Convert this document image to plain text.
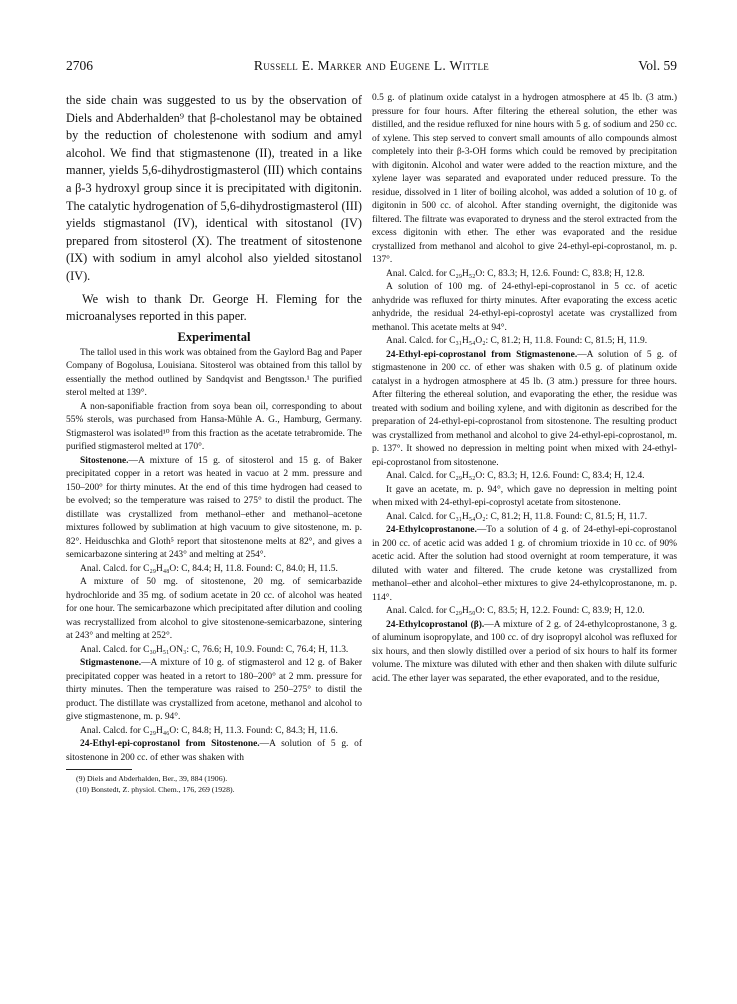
2706	Russell E. Marker and Eugene L. Wittle	Vol. 59

the side chain was suggested to us by the observation of Diels and Abderhalden⁹ that β-cholestanol may be obtained by the reduction of cholestenone with sodium and amyl alcohol. We find that stigmastenone (II), treated in a like manner, yields 5,6-dihydrostigmasterol (III) which contains a β-3 hydroxyl group since it is precipitated with digitonin. The catalytic hydrogenation of 5,6-dihydrostigmasterol (III) yields stigmastanol (IV), identical with sitostanol (IV) prepared from sitosterol (X). The treatment of sitostenone (IX) with sodium in amyl alcohol also yielded sitostanol (IV).

We wish to thank Dr. George H. Fleming for the microanalyses reported in this paper.

Experimental

The tallol used in this work was obtained from the Gaylord Bag and Paper Company of Bogolusa, Louisiana. Sitosterol was obtained from this tallol by essentially the method outlined by Sandqvist and Bengtsson.¹ The purified sterol melted at 139°.

A non-saponifiable fraction from soya bean oil, corresponding to about 55% sterols, was purchased from Hansa-Mühle A. G., Hamburg, Germany. Stigmasterol was isolated¹⁰ from this fraction as the acetate tetrabromide. The purified stigmasterol melted at 170°.

Sitostenone.—A mixture of 15 g. of sitosterol and 15 g. of Baker precipitated copper in a retort was heated in vacuo at 2 mm. pressure and 150–200° for thirty minutes. At the end of this time hydrogen had ceased to be evolved; so the temperature was raised to 275° to distil the product. The distillate was crystallized from methanol–ether and methanol–acetone mixtures followed by sublimation at high vacuum to give sitostenone, m. p. 82°. Heiduschka and Gloth⁵ report that sitostenone melts at 82°, and gives a semicarbazone sintering at 243° and melting at 254°.

Anal. Calcd. for C₂₉H₄₈O: C, 84.4; H, 11.8. Found: C, 84.0; H, 11.5.

A mixture of 50 mg. of sitostenone, 20 mg. of semicarbazide hydrochloride and 35 mg. of sodium acetate in 20 cc. of alcohol was heated for one hour. The semicarbazone which precipitated after dilution and cooling was recrystallized from alcohol to give sitostenone-semicarbazone, sintering at 243° and melting at 252°.

Anal. Calcd. for C₃₀H₅₁ON₃: C, 76.6; H, 10.9. Found: C, 76.4; H, 11.3.

Stigmastenone.—A mixture of 10 g. of stigmasterol and 12 g. of Baker precipitated copper was heated in a retort to 180–200° at 2 mm. pressure for thirty minutes. Then the temperature was raised to 250–275° to distil the product. The distillate was crystallized from acetone, methanol and alcohol to give stigmastenone, m. p. 94°.

Anal. Calcd. for C₂₉H₄₆O: C, 84.8; H, 11.3. Found: C, 84.3; H, 11.6.

24-Ethyl-epi-coprostanol from Sitostenone.—A solution of 5 g. of sitostenone in 200 cc. of ether was shaken with

(9) Diels and Abderhalden, Ber., 39, 884 (1906).
(10) Bonstedt, Z. physiol. Chem., 176, 269 (1928).

0.5 g. of platinum oxide catalyst in a hydrogen atmosphere at 45 lb. (3 atm.) pressure for four hours. After filtering the ethereal solution, the ether was distilled, and the residue refluxed for nine hours with 5 g. of sodium and 250 cc. of xylene. This step served to convert small amounts of allo compounds almost completely into their β-3-OH forms which could be removed by precipitation with digitonin. Alcohol and water were added to the reaction mixture, and the xylene layer was separated and evaporated under reduced pressure. To the residue, dissolved in 1 liter of boiling alcohol, was added a solution of 10 g. of digitonin in 500 cc. of alcohol. After standing overnight, the digitonide was filtered. The filtrate was evaporated to dryness and the sterol extracted from the excess digitonin with ether. The ether was evaporated and the residue crystallized from methanol and alcohol to give 24-ethyl-epi-coprostanol, m. p. 137°.

Anal. Calcd. for C₂₉H₅₂O: C, 83.3; H, 12.6. Found: C, 83.8; H, 12.8.

A solution of 100 mg. of 24-ethyl-epi-coprostanol in 5 cc. of acetic anhydride was refluxed for thirty minutes. After evaporating the excess acetic anhydride, the residual 24-ethyl-epi-coprostyl acetate was crystallized from methanol. This acetate melts at 94°.

Anal. Calcd. for C₃₁H₅₄O₂: C, 81.2; H, 11.8. Found: C, 81.5; H, 11.9.

24-Ethyl-epi-coprostanol from Stigmastenone.—A solution of 5 g. of stigmastenone in 200 cc. of ether was shaken with 0.5 g. of platinum oxide catalyst in a hydrogen atmosphere at 45 lb. (3 atm.) pressure for three hours. After filtering the ethereal solution, and evaporating the ether, the residue was treated with sodium and boiling xylene, and with digitonin as described for the preparation of 24-ethyl-epi-coprostanol from sitostenone. The resulting product was crystallized from methanol and alcohol to give 24-ethyl-epi-coprostanol, m. p. 137°. It showed no depression in melting point when mixed with 24-ethyl-epi-coprostanol from sitostenone.

Anal. Calcd. for C₂₉H₅₂O: C, 83.3; H, 12.6. Found: C, 83.4; H, 12.4.

It gave an acetate, m. p. 94°, which gave no depression in melting point when mixed with 24-ethyl-epi-coprostyl acetate from sitostenone.

Anal. Calcd. for C₃₁H₅₄O₂: C, 81.2; H, 11.8. Found: C, 81.5; H, 11.7.

24-Ethylcoprostanone.—To a solution of 4 g. of 24-ethyl-epi-coprostanol in 200 cc. of acetic acid was added 1 g. of chromium trioxide in 10 cc. of 90% acetic acid. After the solution had stood overnight at room temperature, it was diluted with water and filtered. The crude ketone was crystallized from methanol–ether and alcohol–ether mixtures to give 24-ethylcoprostanone, m. p. 114°.

Anal. Calcd. for C₂₉H₅₀O: C, 83.5; H, 12.2. Found: C, 83.9; H, 12.0.

24-Ethylcoprostanol (β).—A mixture of 2 g. of 24-ethylcoprostanone, 3 g. of aluminum isopropylate, and 100 cc. of dry isopropyl alcohol was refluxed for six hours, and then slowly distilled over a period of six hours to half its former volume. The mixture was diluted with ether and then shaken with dilute sulfuric acid. The ether layer was separated, the ether evaporated, and to the residue,
